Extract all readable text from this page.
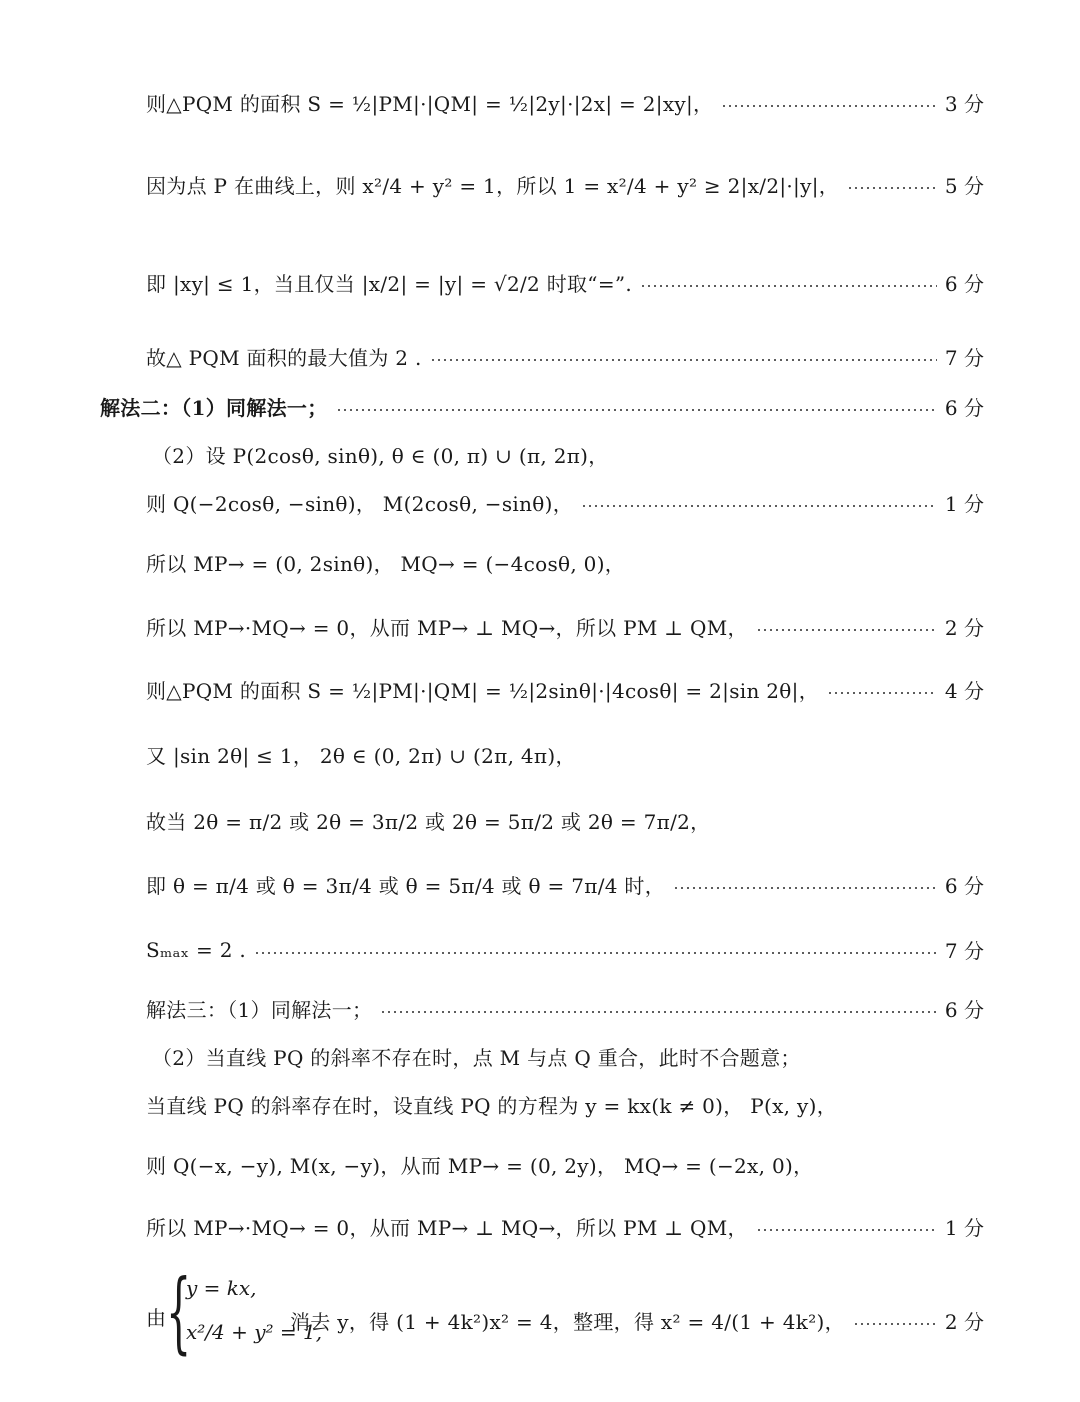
则△PQM 的面积 S = ½|PM|·|QM| = ½|2y|·|2x| = 2|xy|，	3 分
因为点 P 在曲线上，则 x²/4 + y² = 1，所以 1 = x²/4 + y² ≥ 2|x/2|·|y|，	5 分
即 |xy| ≤ 1，当且仅当 |x/2| = |y| = √2/2 时取“=”.	6 分
故△ PQM 面积的最大值为 2 .	7 分
解法二：（1）同解法一；	6 分
（2）设 P(2cosθ, sinθ), θ ∈ (0, π) ∪ (π, 2π)，
则 Q(−2cosθ, −sinθ)， M(2cosθ, −sinθ)，	1 分
所以 MP→ = (0, 2sinθ)， MQ→ = (−4cosθ, 0)，
所以 MP→·MQ→ = 0，从而 MP→ ⊥ MQ→，所以 PM ⊥ QM，	2 分
则△PQM 的面积 S = ½|PM|·|QM| = ½|2sinθ|·|4cosθ| = 2|sin 2θ|，	4 分
又 |sin 2θ| ≤ 1， 2θ ∈ (0, 2π) ∪ (2π, 4π)，
故当 2θ = π/2 或 2θ = 3π/2 或 2θ = 5π/2 或 2θ = 7π/2，
即 θ = π/4 或 θ = 3π/4 或 θ = 5π/4 或 θ = 7π/4 时，	6 分
Sₘₐₓ = 2 .	7 分
解法三：（1）同解法一；	6 分
（2）当直线 PQ 的斜率不存在时，点 M 与点 Q 重合，此时不合题意；
当直线 PQ 的斜率存在时，设直线 PQ 的方程为 y = kx(k ≠ 0)， P(x, y)，
则 Q(−x, −y), M(x, −y)，从而 MP→ = (0, 2y)， MQ→ = (−2x, 0)，
所以 MP→·MQ→ = 0，从而 MP→ ⊥ MQ→，所以 PM ⊥ QM，	1 分
由 {
y = kx,
x²/4 + y² = 1,
消去 y，得 (1 + 4k²)x² = 4，整理，得 x² = 4/(1 + 4k²)，	2 分
